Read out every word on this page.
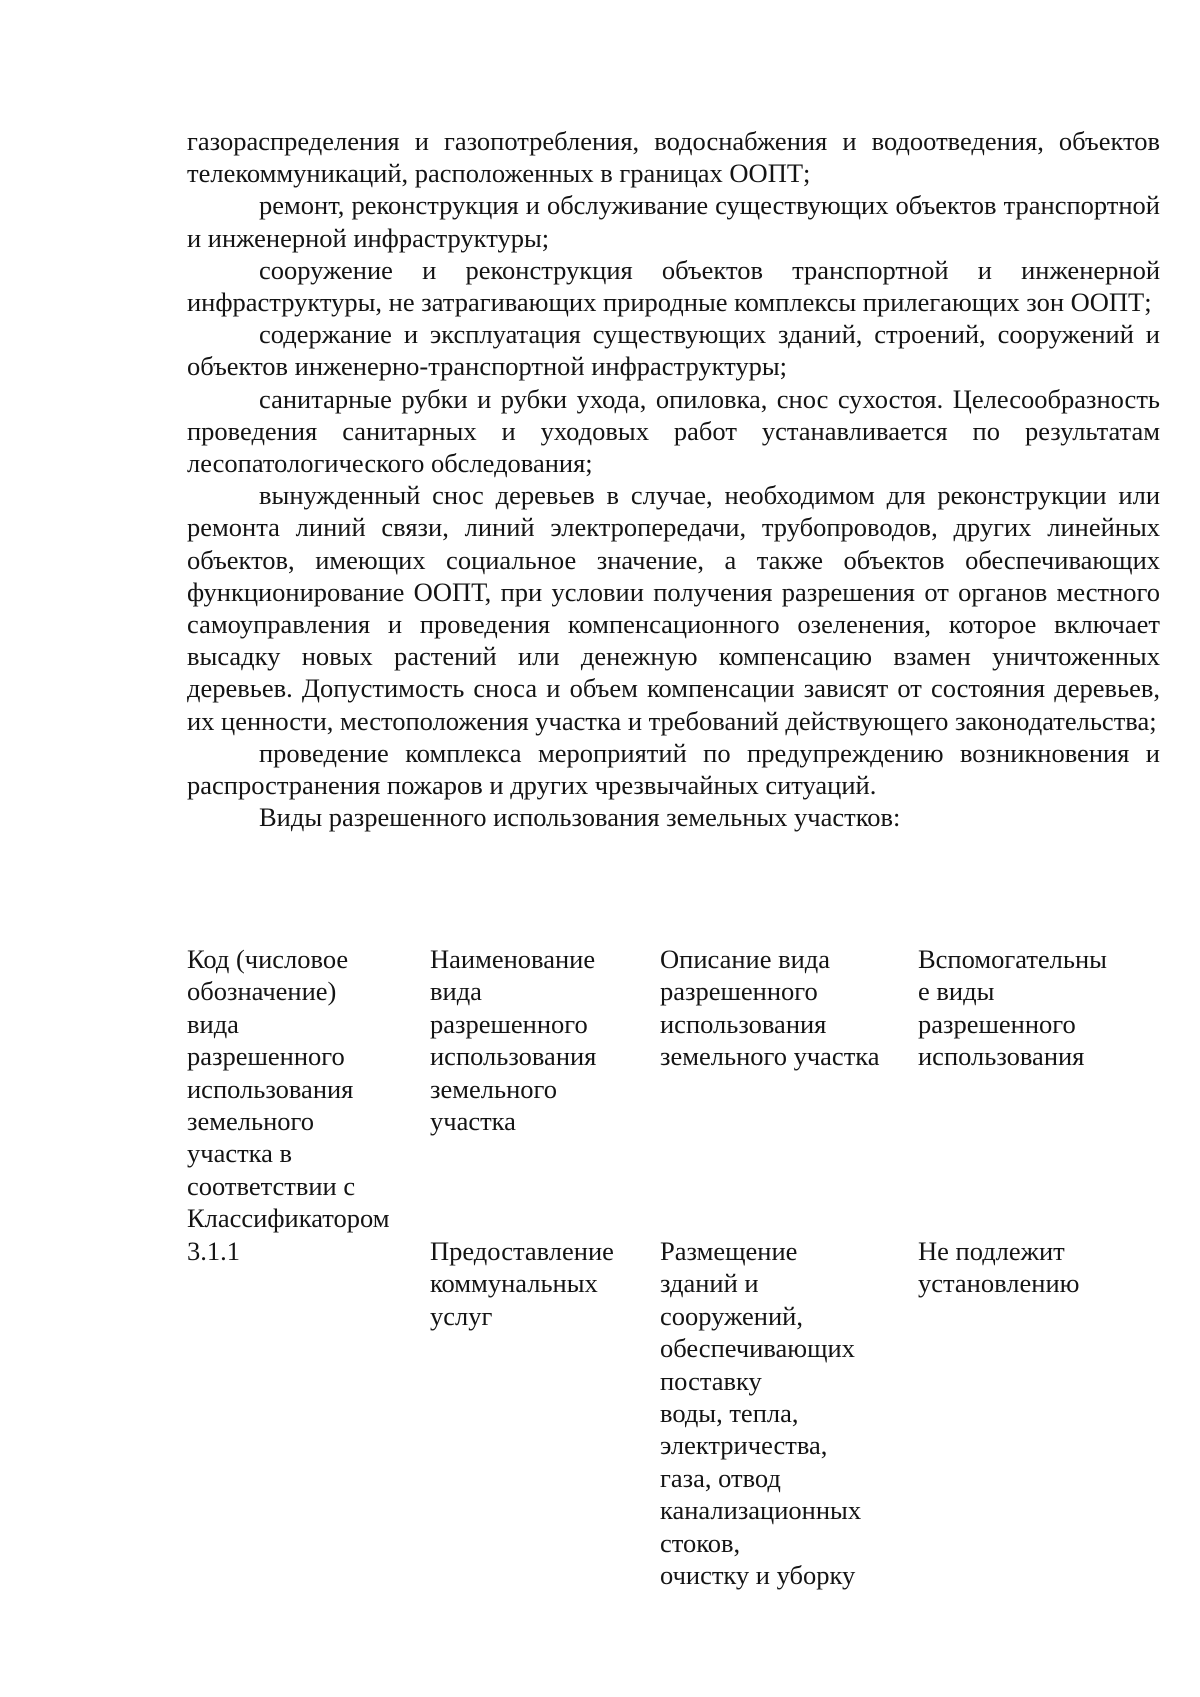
газораспределения и газопотребления, водоснабжения и водоотведения, объектов телекоммуникаций, расположенных в границах ООПТ;

ремонт, реконструкция и обслуживание существующих объектов транспортной и инженерной инфраструктуры;

сооружение и реконструкция объектов транспортной и инженерной инфраструктуры, не затрагивающих природные комплексы прилегающих зон ООПТ;

содержание и эксплуатация существующих зданий, строений, сооружений и объектов инженерно-транспортной инфраструктуры;

санитарные рубки и рубки ухода, опиловка, снос сухостоя. Целесообразность проведения санитарных и уходовых работ устанавливается по результатам лесопатологического обследования;

вынужденный снос деревьев в случае, необходимом для реконструкции или ремонта линий связи, линий электропередачи, трубопроводов, других линейных объектов, имеющих социальное значение, а также объектов обеспечивающих функционирование ООПТ, при условии получения разрешения от органов местного самоуправления и проведения компенсационного озеленения, которое включает высадку новых растений или денежную компенсацию взамен уничтоженных деревьев. Допустимость сноса и объем компенсации зависят от состояния деревьев, их ценности, местоположения участка и требований действующего законодательства;

проведение комплекса мероприятий по предупреждению возникновения и распространения пожаров и других чрезвычайных ситуаций.

Виды разрешенного использования земельных участков:

Код (числовое
обозначение)
вида
разрешенного
использования
земельного
участка в
соответствии с
Классификатором
Наименование
вида
разрешенного
использования
земельного
участка
Описание вида
разрешенного
использования
земельного участка
Вспомогательны
е виды
разрешенного
использования
3.1.1	Предоставление
коммунальных
услуг
Размещение
зданий и
сооружений,
обеспечивающих
поставку
воды, тепла,
электричества,
газа, отвод
канализационных
стоков,
очистку и уборку
Не подлежит
установлению
